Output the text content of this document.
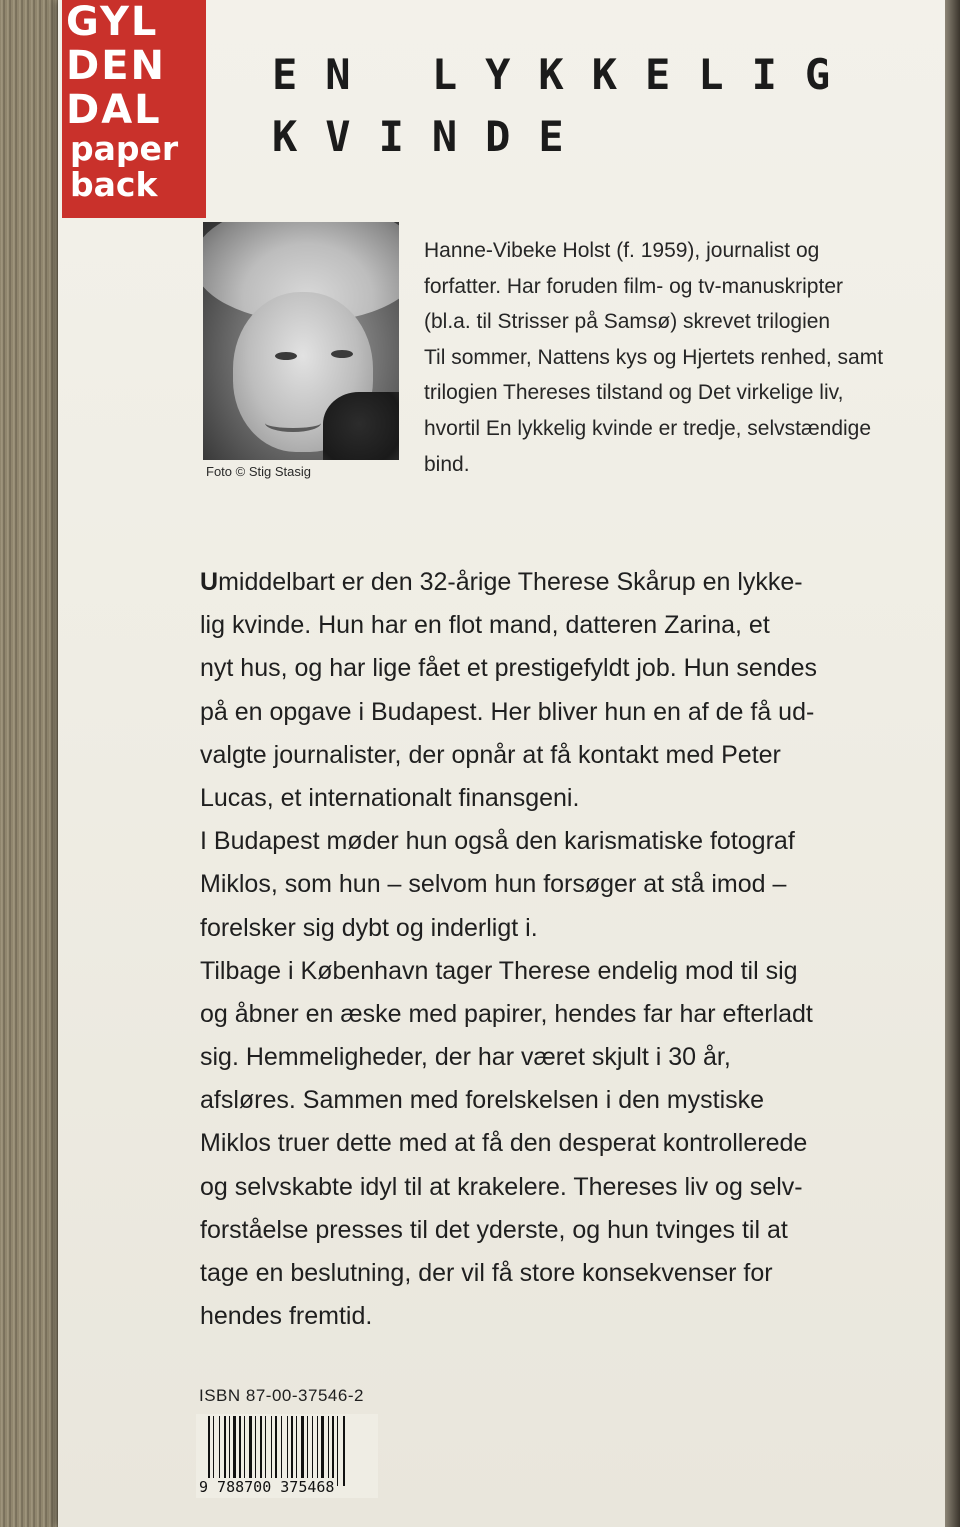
GYL
DEN
DAL
paper
back
EN LYKKELIG
KVINDE
Foto © Stig Stasig
Hanne-Vibeke Holst (f. 1959), journalist og
forfatter. Har foruden film- og tv-manuskripter
(bl.a. til Strisser på Samsø) skrevet trilogien
Til sommer, Nattens kys og Hjertets renhed, samt
trilogien Thereses tilstand og Det virkelige liv,
hvortil En lykkelig kvinde er tredje, selvstændige
bind.
Umiddelbart er den 32-årige Therese Skårup en lykke-
lig kvinde. Hun har en flot mand, datteren Zarina, et
nyt hus, og har lige fået et prestigefyldt job. Hun sendes
på en opgave i Budapest. Her bliver hun en af de få ud-
valgte journalister, der opnår at få kontakt med Peter
Lucas, et internationalt finansgeni.
I Budapest møder hun også den karismatiske fotograf
Miklos, som hun – selvom hun forsøger at stå imod –
forelsker sig dybt og inderligt i.
Tilbage i København tager Therese endelig mod til sig
og åbner en æske med papirer, hendes far har efterladt
sig. Hemmeligheder, der har været skjult i 30 år,
afsløres. Sammen med forelskelsen i den mystiske
Miklos truer dette med at få den desperat kontrollerede
og selvskabte idyl til at krakelere. Thereses liv og selv-
forståelse presses til det yderste, og hun tvinges til at
tage en beslutning, der vil få store konsekvenser for
hendes fremtid.
ISBN 87-00-37546-2
9 788700 375468
